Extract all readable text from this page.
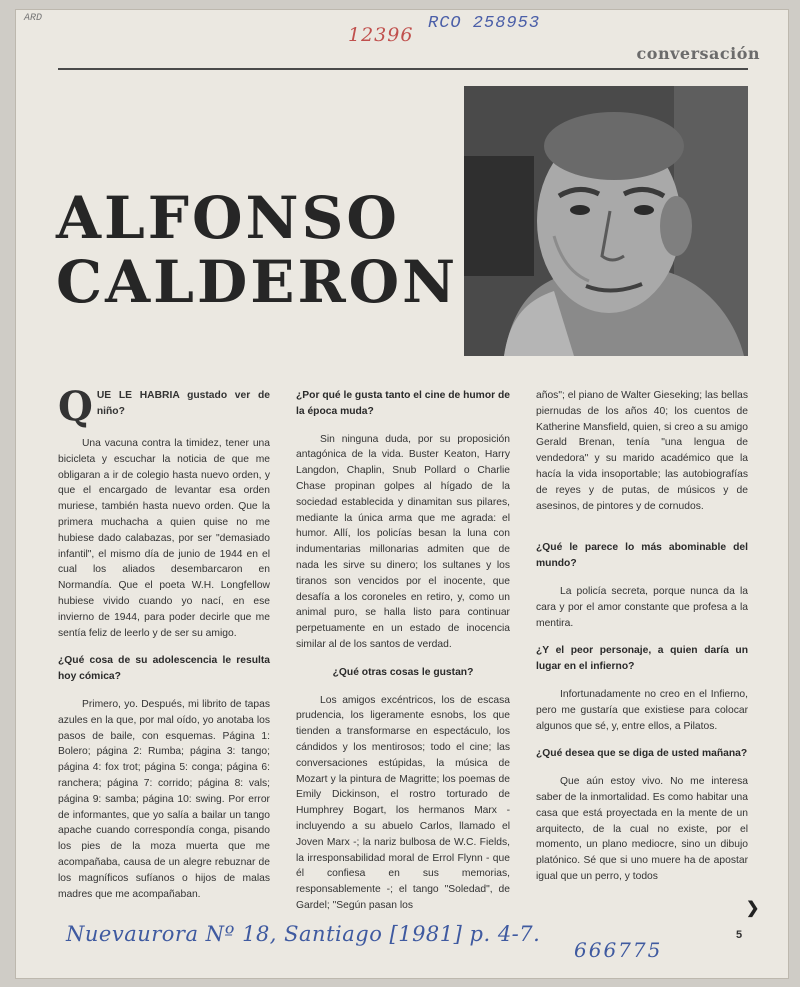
ARD
12396
RCO 258953
conversación
ALFONSO
CALDERON
Q UE LE HABRIA gustado ver de niño?

Una vacuna contra la timidez, tener una bicicleta y escuchar la noticia de que me obligaran a ir de colegio hasta nuevo orden, y que el encargado de levantar esa orden muriese, también hasta nuevo orden. Que la primera muchacha a quien quise no me hubiese dado calabazas, por ser "demasiado infantil", el mismo día de junio de 1944 en el cual los aliados desembarcaron en Normandía. Que el poeta W.H. Longfellow hubiese vivido cuando yo nací, en ese invierno de 1944, para poder decirle que me sentía feliz de leerlo y de ser su amigo.

¿Qué cosa de su adolescencia le resulta hoy cómica?

Primero, yo. Después, mi librito de tapas azules en la que, por mal oído, yo anotaba los pasos de baile, con esquemas. Página 1: Bolero; página 2: Rumba; página 3: tango; página 4: fox trot; página 5: conga; página 6: ranchera; página 7: corrido; página 8: vals; página 9: samba; página 10: swing. Por error de informantes, que yo salía a bailar un tango apache cuando correspondía conga, pisando los pies de la moza muerta que me acompañaba, causa de un alegre rebuznar de los magníficos sufíanos o hijos de malas madres que me acompañaban.

¿Por qué le gusta tanto el cine de humor de la época muda?

Sin ninguna duda, por su proposición antagónica de la vida. Buster Keaton, Harry Langdon, Chaplin, Snub Pollard o Charlie Chase propinan golpes al hígado de la sociedad establecida y dinamitan sus pilares, mediante la única arma que me agrada: el humor. Allí, los policías besan la luna con indumentarias millonarias admiten que de nada les sirve su dinero; los sultanes y los tiranos son vencidos por el inocente, que desafía a los coroneles en retiro, y, como un animal puro, se halla listo para continuar perpetuamente en un estado de inocencia similar al de los santos de verdad.

¿Qué otras cosas le gustan?

Los amigos excéntricos, los de escasa prudencia, los ligeramente esnobs, los que tienden a transformarse en espectáculo, los cándidos y los mentirosos; todo el cine; las conversaciones estúpidas, la música de Mozart y la pintura de Magritte; los poemas de Emily Dickinson, el rostro torturado de Humphrey Bogart, los hermanos Marx - incluyendo a su abuelo Carlos, llamado el Joven Marx -; la nariz bulbosa de W.C. Fields, la irresponsabilidad moral de Errol Flynn - que él confiesa en sus memorias, responsablemente -; el tango "Soledad", de Gardel; "Según pasan los

años"; el piano de Walter Gieseking; las bellas piernudas de los años 40; los cuentos de Katherine Mansfield, quien, si creo a su amigo Gerald Brenan, tenía "una lengua de vendedora" y su marido académico que la hacía la vida insoportable; las autobiografías de reyes y de putas, de músicos y de asesinos, de pintores y de cornudos.

¿Qué le parece lo más abominable del mundo?

La policía secreta, porque nunca da la cara y por el amor constante que profesa a la mentira.

¿Y el peor personaje, a quien daría un lugar en el infierno?

Infortunadamente no creo en el Infierno, pero me gustaría que existiese para colocar algunos que sé, y, entre ellos, a Pilatos.

¿Qué desea que se diga de usted mañana?

Que aún estoy vivo. No me interesa saber de la inmortalidad. Es como habitar una casa que está proyectada en la mente de un arquitecto, de la cual no existe, por el momento, un plano mediocre, sino un dibujo platónico. Sé que si uno muere ha de apostar igual que un perro, y todos

❯
5
Nuevaurora Nº 18, Santiago [1981] p. 4-7.
666775
